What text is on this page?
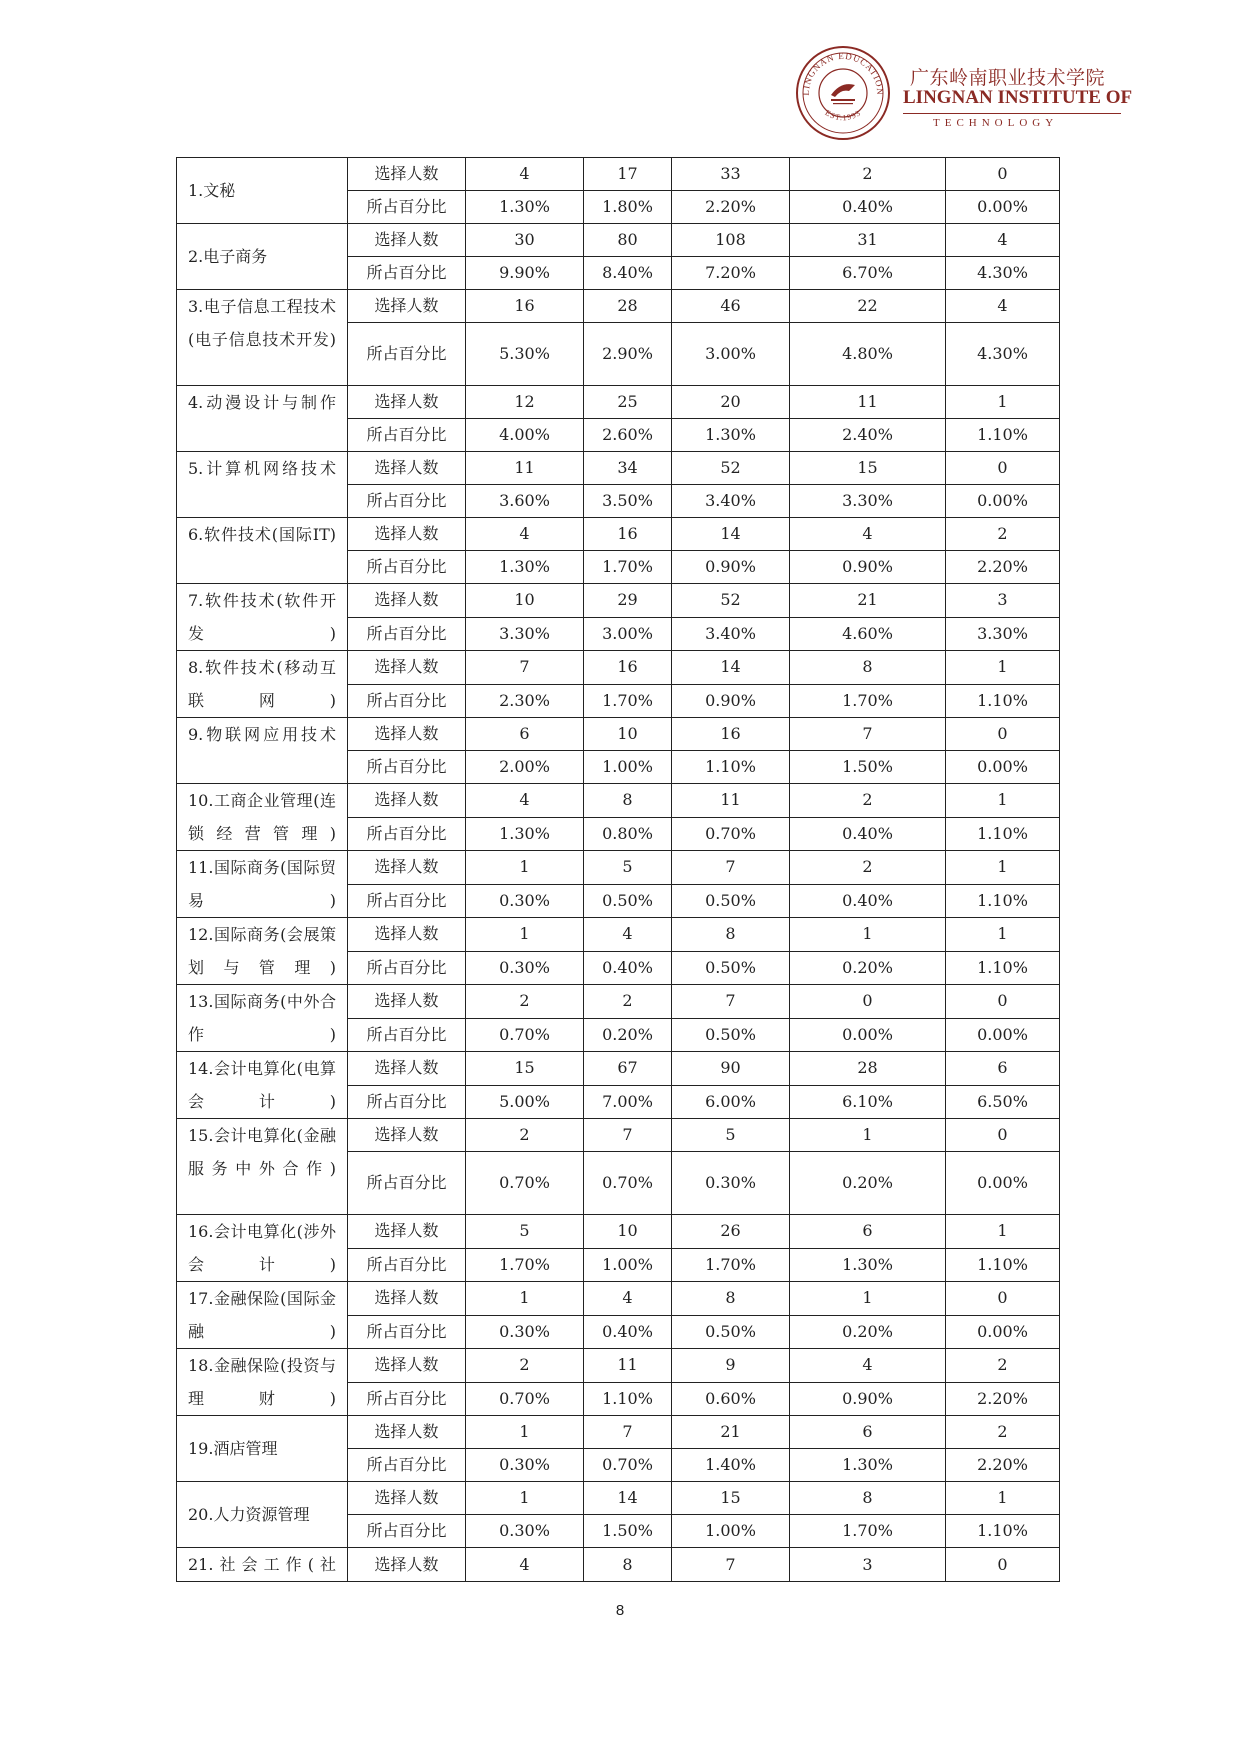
LINGNAN EDUCATION
EST.1993
广东岭南职业技术学院
LINGNAN INSTITUTE OF
TECHNOLOGY
1.文秘	选择人数	4	17	33	2	0
	所占百分比	1.30%	1.80%	2.20%	0.40%	0.00%
2.电子商务	选择人数	30	80	108	31	4
	所占百分比	9.90%	8.40%	7.20%	6.70%	4.30%
3.电子信息工程技术(电子信息技术开发)	选择人数	16	28	46	22	4
	所占百分比	5.30%	2.90%	3.00%	4.80%	4.30%
4.动漫设计与制作	选择人数	12	25	20	11	1
	所占百分比	4.00%	2.60%	1.30%	2.40%	1.10%
5.计算机网络技术	选择人数	11	34	52	15	0
	所占百分比	3.60%	3.50%	3.40%	3.30%	0.00%
6.软件技术(国际IT)	选择人数	4	16	14	4	2
	所占百分比	1.30%	1.70%	0.90%	0.90%	2.20%
7.软件技术(软件开发)	选择人数	10	29	52	21	3
	所占百分比	3.30%	3.00%	3.40%	4.60%	3.30%
8.软件技术(移动互联网)	选择人数	7	16	14	8	1
	所占百分比	2.30%	1.70%	0.90%	1.70%	1.10%
9.物联网应用技术	选择人数	6	10	16	7	0
	所占百分比	2.00%	1.00%	1.10%	1.50%	0.00%
10.工商企业管理(连锁经营管理)	选择人数	4	8	11	2	1
	所占百分比	1.30%	0.80%	0.70%	0.40%	1.10%
11.国际商务(国际贸易)	选择人数	1	5	7	2	1
	所占百分比	0.30%	0.50%	0.50%	0.40%	1.10%
12.国际商务(会展策划与管理)	选择人数	1	4	8	1	1
	所占百分比	0.30%	0.40%	0.50%	0.20%	1.10%
13.国际商务(中外合作)	选择人数	2	2	7	0	0
	所占百分比	0.70%	0.20%	0.50%	0.00%	0.00%
14.会计电算化(电算会计)	选择人数	15	67	90	28	6
	所占百分比	5.00%	7.00%	6.00%	6.10%	6.50%
15.会计电算化(金融服务中外合作)	选择人数	2	7	5	1	0
	所占百分比	0.70%	0.70%	0.30%	0.20%	0.00%
16.会计电算化(涉外会计)	选择人数	5	10	26	6	1
	所占百分比	1.70%	1.00%	1.70%	1.30%	1.10%
17.金融保险(国际金融)	选择人数	1	4	8	1	0
	所占百分比	0.30%	0.40%	0.50%	0.20%	0.00%
18.金融保险(投资与理财)	选择人数	2	11	9	4	2
	所占百分比	0.70%	1.10%	0.60%	0.90%	2.20%
19.酒店管理	选择人数	1	7	21	6	2
	所占百分比	0.30%	0.70%	1.40%	1.30%	2.20%
20.人力资源管理	选择人数	1	14	15	8	1
	所占百分比	0.30%	1.50%	1.00%	1.70%	1.10%
21.社会工作(社	选择人数	4	8	7	3	0
8
